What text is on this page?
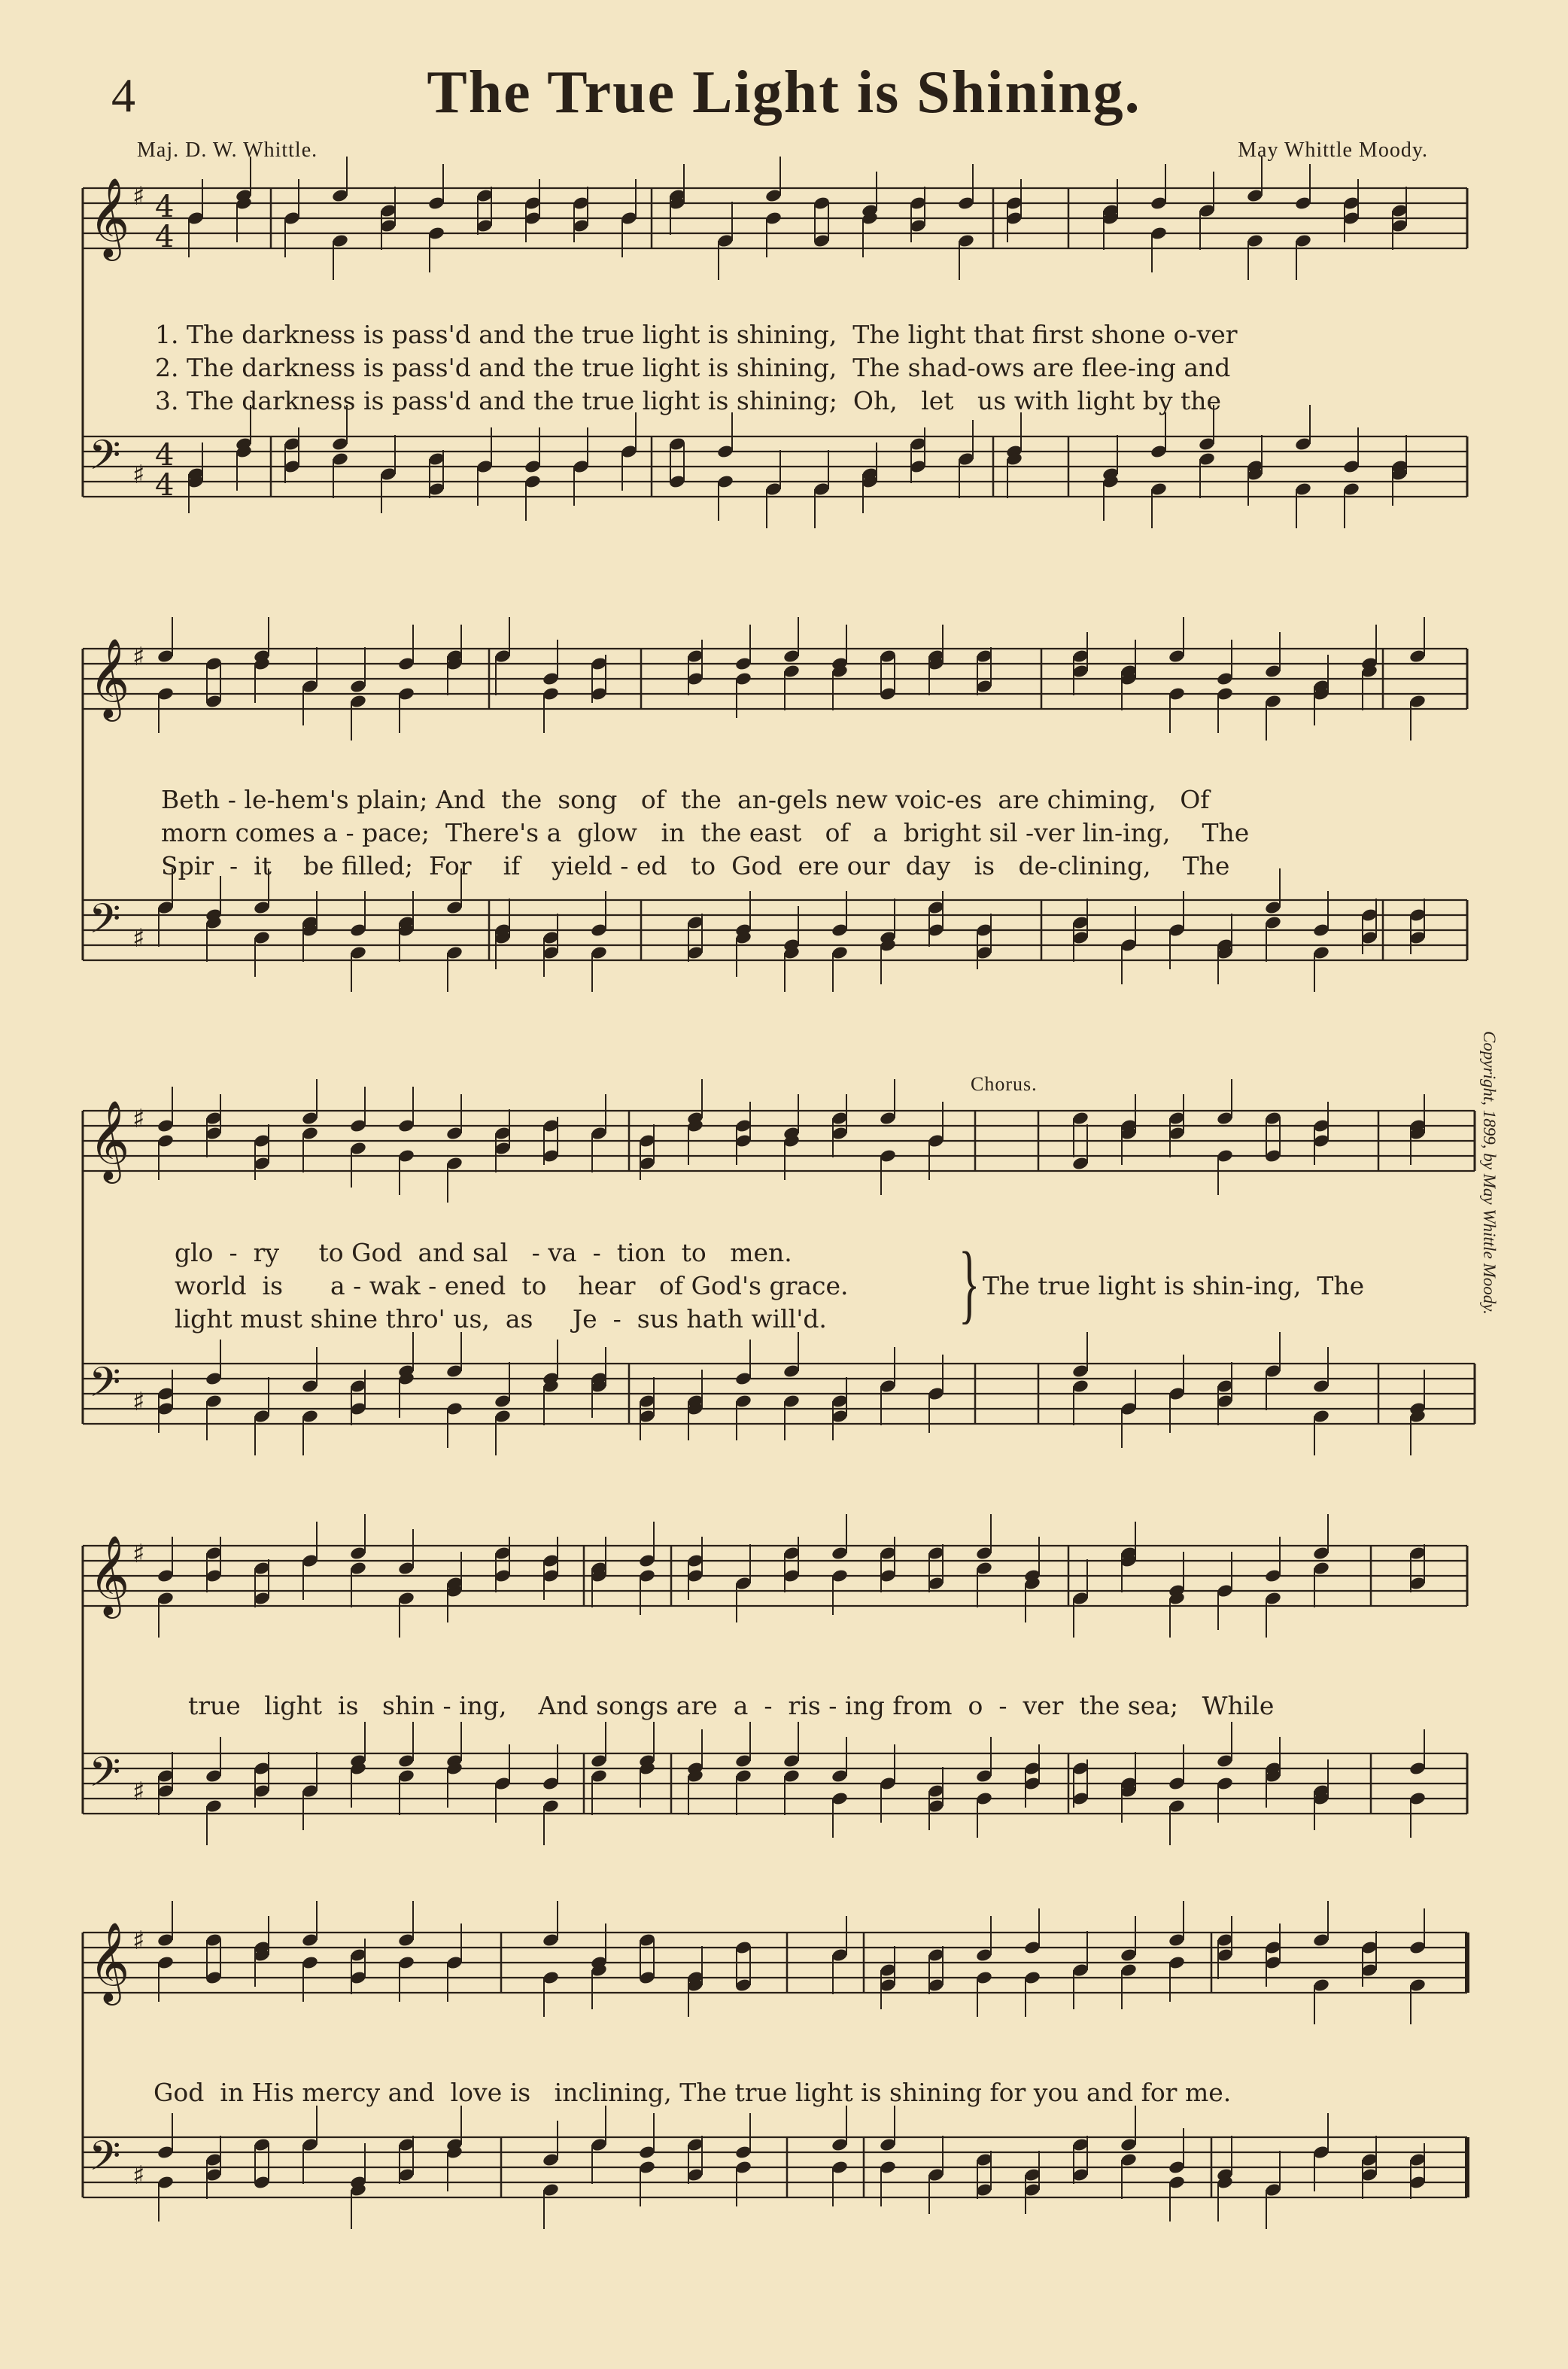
4	The True Light is Shining.
Maj. D. W. Whittle.	May Whittle Moody.
𝄞 ♯ 4
4
𝄢 ♯
4
4
𝄞 ♯
𝄢 ♯
𝄞 ♯
𝄢 ♯
𝄞 ♯
𝄢 ♯
𝄞 ♯
𝄢 ♯
1. The darkness is pass'd and the true light is shining,  The light that first shone o-ver
2. The darkness is pass'd and the true light is shining,  The shad-ows are flee-ing and
3. The darkness is pass'd and the true light is shining;  Oh,   let   us with light by the
Beth - le-hem's plain; And  the  song   of  the  an-gels new voic-es  are chiming,   Of
morn comes a - pace;  There's a  glow   in  the east   of   a  bright sil -ver lin-ing,    The
Spir  -  it    be filled;  For    if    yield - ed   to  God  ere our  day   is   de-clining,    The
Chorus.
glo  -  ry     to God  and sal   - va  -  tion  to   men.
world  is      a - wak - ened  to    hear   of God's grace.
light must shine thro' us,  as     Je  -  sus hath will'd. } The true light is shin-ing,  The
true   light  is   shin - ing,    And songs are  a  -  ris - ing from  o  -  ver  the sea;   While
God  in His mercy and  love is   inclining, The true light is shining for you and for me.
Copyright, 1899, by May Whittle Moody.
